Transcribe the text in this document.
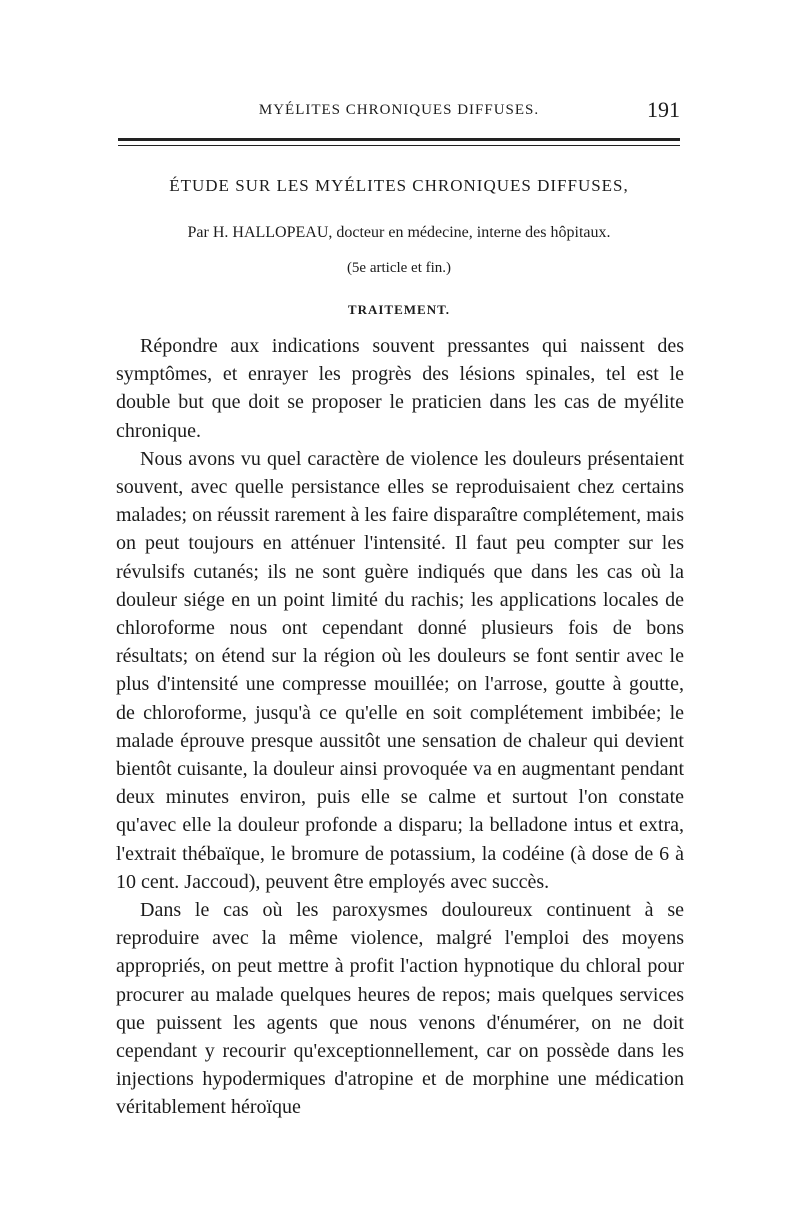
MYÉLITES CHRONIQUES DIFFUSES.	191
ÉTUDE SUR LES MYÉLITES CHRONIQUES DIFFUSES,
Par H. HALLOPEAU, docteur en médecine, interne des hôpitaux.
(5e article et fin.)
TRAITEMENT.

Répondre aux indications souvent pressantes qui naissent des symptômes, et enrayer les progrès des lésions spinales, tel est le double but que doit se proposer le praticien dans les cas de myélite chronique.

Nous avons vu quel caractère de violence les douleurs présentaient souvent, avec quelle persistance elles se reproduisaient chez certains malades; on réussit rarement à les faire disparaître complétement, mais on peut toujours en atténuer l'intensité. Il faut peu compter sur les révulsifs cutanés; ils ne sont guère indiqués que dans les cas où la douleur siége en un point limité du rachis; les applications locales de chloroforme nous ont cependant donné plusieurs fois de bons résultats; on étend sur la région où les douleurs se font sentir avec le plus d'intensité une compresse mouillée; on l'arrose, goutte à goutte, de chloroforme, jusqu'à ce qu'elle en soit complétement imbibée; le malade éprouve presque aussitôt une sensation de chaleur qui devient bientôt cuisante, la douleur ainsi provoquée va en augmentant pendant deux minutes environ, puis elle se calme et surtout l'on constate qu'avec elle la douleur profonde a disparu; la belladone intus et extra, l'extrait thébaïque, le bromure de potassium, la codéine (à dose de 6 à 10 cent. Jaccoud), peuvent être employés avec succès.

Dans le cas où les paroxysmes douloureux continuent à se reproduire avec la même violence, malgré l'emploi des moyens appropriés, on peut mettre à profit l'action hypnotique du chloral pour procurer au malade quelques heures de repos; mais quelques services que puissent les agents que nous venons d'énumérer, on ne doit cependant y recourir qu'exceptionnellement, car on possède dans les injections hypodermiques d'atropine et de morphine une médication véritablement héroïque
